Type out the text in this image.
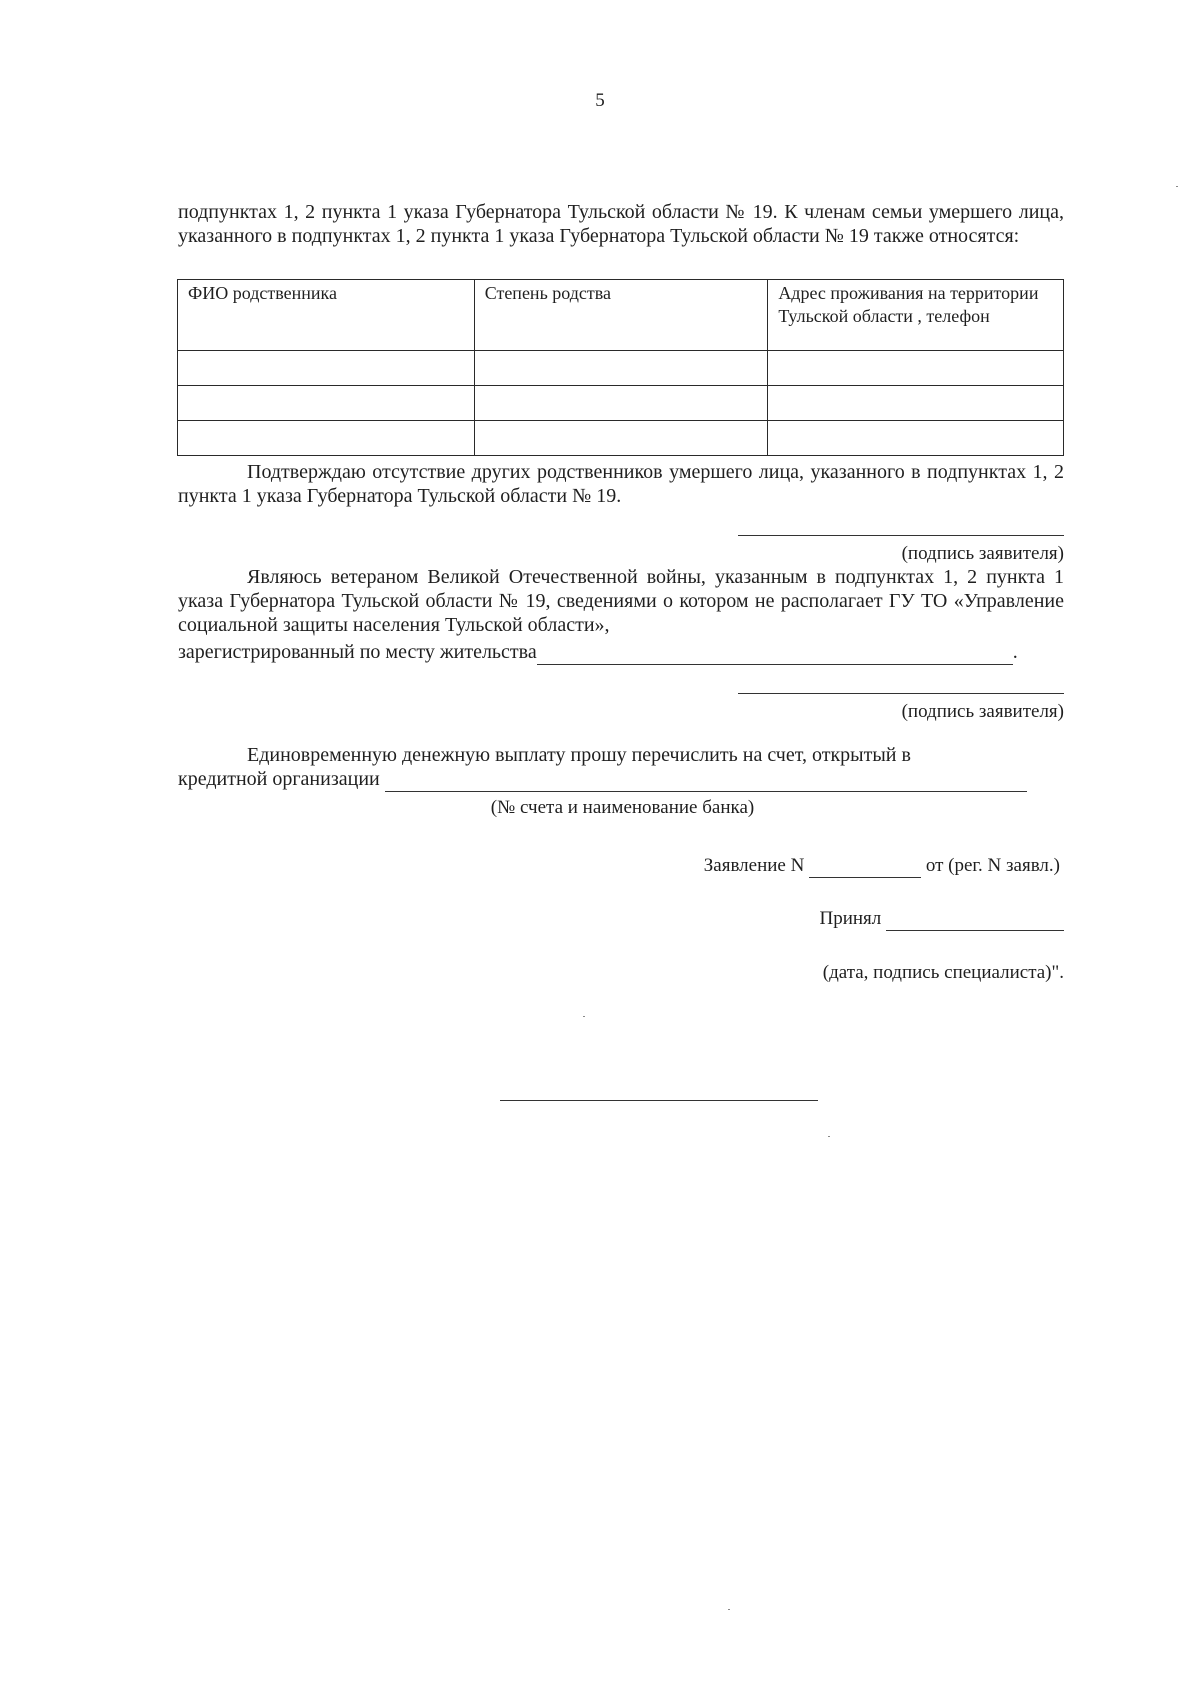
5
подпунктах 1, 2 пункта 1 указа Губернатора Тульской области № 19. К членам семьи умершего лица, указанного в подпунктах 1, 2 пункта 1 указа Губернатора Тульской области № 19 также относятся:
ФИО родственника	Степень родства	Адрес проживания на территории Тульской области , телефон

Подтверждаю отсутствие других родственников умершего лица, указанного в подпунктах 1, 2 пункта 1 указа Губернатора Тульской области № 19.
(подпись заявителя)
Являюсь ветераном Великой Отечественной войны, указанным в подпунктах 1, 2 пункта 1 указа Губернатора Тульской области № 19, сведениями о котором не располагает ГУ ТО «Управление социальной защиты населения Тульской области»,
зарегистрированный по месту жительства	.
(подпись заявителя)
Единовременную денежную выплату прошу перечислить на счет, открытый в
кредитной организации
(№ счета и наименование банка)
Заявление N	от (рег. N заявл.)
Принял
(дата, подпись специалиста)".
